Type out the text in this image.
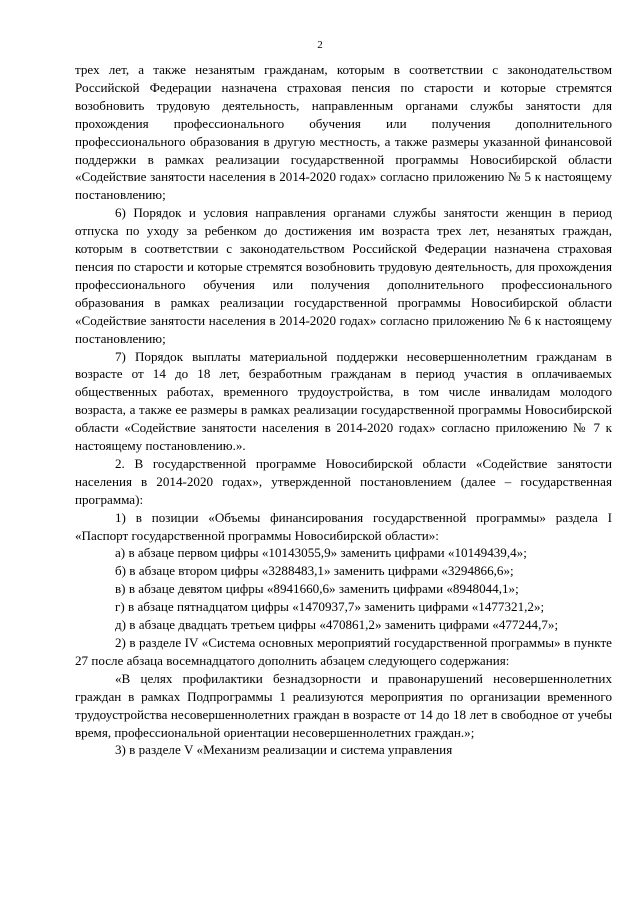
2

трех лет, а также незанятым гражданам, которым в соответствии с законодательством Российской Федерации назначена страховая пенсия по старости и которые стремятся возобновить трудовую деятельность, направленным органами службы занятости для прохождения профессионального обучения или получения дополнительного профессионального образования в другую местность, а также размеры указанной финансовой поддержки в рамках реализации государственной программы Новосибирской области «Содействие занятости населения в 2014-2020 годах» согласно приложению № 5 к настоящему постановлению;

6) Порядок и условия направления органами службы занятости женщин в период отпуска по уходу за ребенком до достижения им возраста трех лет, незанятых граждан, которым в соответствии с законодательством Российской Федерации назначена страховая пенсия по старости и которые стремятся возобновить трудовую деятельность, для прохождения профессионального обучения или получения дополнительного профессионального образования в рамках реализации государственной программы Новосибирской области «Содействие занятости населения в 2014-2020 годах» согласно приложению № 6 к настоящему постановлению;

7) Порядок выплаты материальной поддержки несовершеннолетним гражданам в возрасте от 14 до 18 лет, безработным гражданам в период участия в оплачиваемых общественных работах, временного трудоустройства, в том числе инвалидам молодого возраста, а также ее размеры в рамках реализации государственной программы Новосибирской области «Содействие занятости населения в 2014-2020 годах» согласно приложению № 7 к настоящему постановлению.».

2. В государственной программе Новосибирской области «Содействие занятости населения в 2014-2020 годах», утвержденной постановлением (далее – государственная программа):

1) в позиции «Объемы финансирования государственной программы» раздела I «Паспорт государственной программы Новосибирской области»:

а) в абзаце первом цифры «10143055,9» заменить цифрами «10149439,4»;

б) в абзаце втором цифры «3288483,1» заменить цифрами «3294866,6»;

в) в абзаце девятом цифры «8941660,6» заменить цифрами «8948044,1»;

г) в абзаце пятнадцатом цифры «1470937,7» заменить цифрами «1477321,2»;

д) в абзаце двадцать третьем цифры «470861,2» заменить цифрами «477244,7»;

2) в разделе IV «Система основных мероприятий государственной программы» в пункте 27 после абзаца восемнадцатого дополнить абзацем следующего содержания:

«В целях профилактики безнадзорности и правонарушений несовершеннолетних граждан в рамках Подпрограммы 1 реализуются мероприятия по организации временного трудоустройства несовершеннолетних граждан в возрасте от 14 до 18 лет в свободное от учебы время, профессиональной ориентации несовершеннолетних граждан.»;

3) в разделе V «Механизм реализации и система управления
